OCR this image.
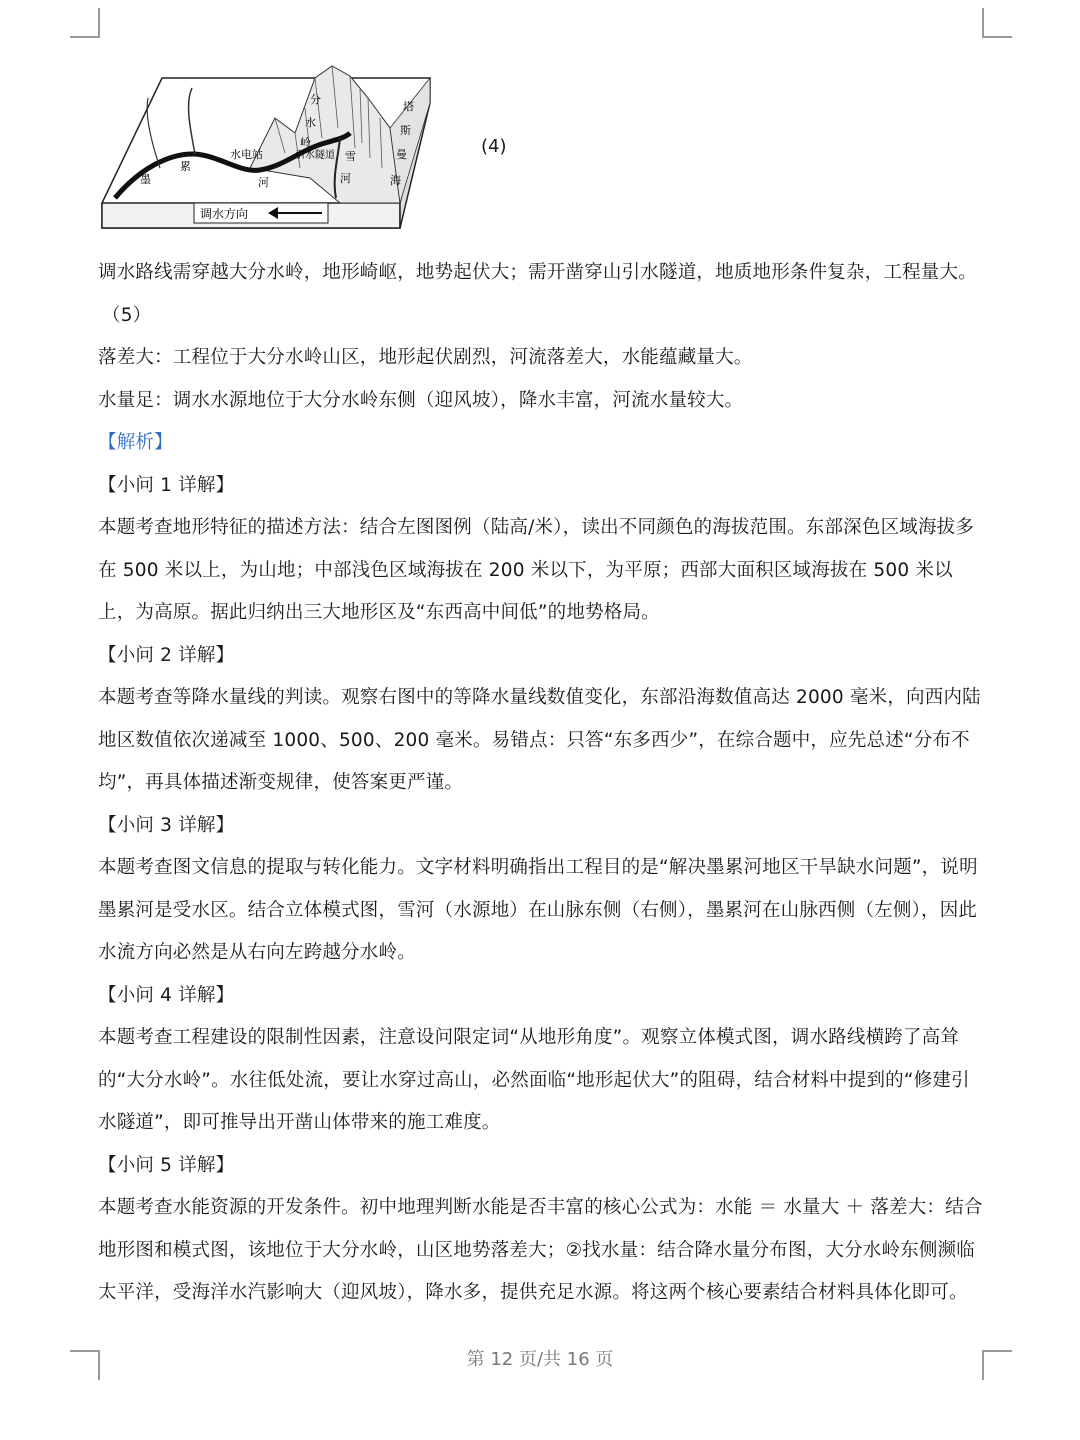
墨
累
水电站
分
水
岭
引水隧道 雪
河
河
塔
斯
曼
海
调水方向
(4)

调水路线需穿越大分水岭，地形崎岖，地势起伏大；需开凿穿山引水隧道，地质地形条件复杂，工程量大。

（5）

落差大：工程位于大分水岭山区，地形起伏剧烈，河流落差大，水能蕴藏量大。

水量足：调水水源地位于大分水岭东侧（迎风坡），降水丰富，河流水量较大。

【解析】

【小问 1 详解】

本题考查地形特征的描述方法：结合左图图例（陆高/米），读出不同颜色的海拔范围。东部深色区域海拔多在 500 米以上，为山地；中部浅色区域海拔在 200 米以下，为平原；西部大面积区域海拔在 500 米以上，为高原。据此归纳出三大地形区及“东西高中间低”的地势格局。

【小问 2 详解】

本题考查等降水量线的判读。观察右图中的等降水量线数值变化，东部沿海数值高达 2000 毫米，向西内陆地区数值依次递减至 1000、500、200 毫米。易错点：只答“东多西少”，在综合题中，应先总述“分布不均”，再具体描述渐变规律，使答案更严谨。

【小问 3 详解】

本题考查图文信息的提取与转化能力。文字材料明确指出工程目的是“解决墨累河地区干旱缺水问题”，说明墨累河是受水区。结合立体模式图，雪河（水源地）在山脉东侧（右侧），墨累河在山脉西侧（左侧），因此水流方向必然是从右向左跨越分水岭。

【小问 4 详解】

本题考查工程建设的限制性因素，注意设问限定词“从地形角度”。观察立体模式图，调水路线横跨了高耸的“大分水岭”。水往低处流，要让水穿过高山，必然面临“地形起伏大”的阻碍，结合材料中提到的“修建引水隧道”，即可推导出开凿山体带来的施工难度。

【小问 5 详解】

本题考查水能资源的开发条件。初中地理判断水能是否丰富的核心公式为：水能 ＝ 水量大 ＋ 落差大：结合地形图和模式图，该地位于大分水岭，山区地势落差大；②找水量：结合降水量分布图，大分水岭东侧濒临太平洋，受海洋水汽影响大（迎风坡），降水多，提供充足水源。将这两个核心要素结合材料具体化即可。

第 12 页/共 16 页
